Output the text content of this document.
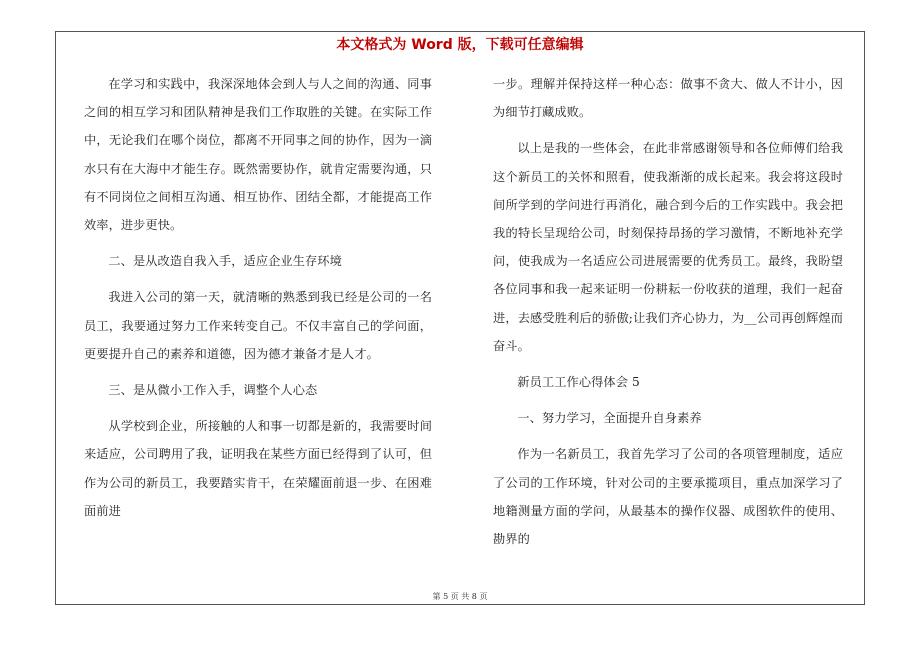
本文格式为 Word 版，下载可任意编辑

在学习和实践中，我深深地体会到人与人之间的沟通、同事之间的相互学习和团队精神是我们工作取胜的关键。在实际工作中，无论我们在哪个岗位，都离不开同事之间的协作，因为一滴水只有在大海中才能生存。既然需要协作，就肯定需要沟通，只有不同岗位之间相互沟通、相互协作、团结全都，才能提高工作效率，进步更快。

二、是从改造自我入手，适应企业生存环境

我进入公司的第一天，就清晰的熟悉到我已经是公司的一名员工，我要通过努力工作来转变自己。不仅丰富自己的学问面，更要提升自己的素养和道德，因为德才兼备才是人才。

三、是从微小工作入手，调整个人心态

从学校到企业，所接触的人和事一切都是新的，我需要时间来适应，公司聘用了我，证明我在某些方面已经得到了认可，但作为公司的新员工，我要踏实肯干，在荣耀面前退一步、在困难面前进

一步。理解并保持这样一种心态：做事不贪大、做人不计小，因为细节打藏成败。

以上是我的一些体会，在此非常感谢领导和各位师傅们给我这个新员工的关怀和照看，使我渐渐的成长起来。我会将这段时间所学到的学问进行再消化，融合到今后的工作实践中。我会把我的特长呈现给公司，时刻保持昂扬的学习激情，不断地补充学问，使我成为一名适应公司进展需要的优秀员工。最终，我盼望各位同事和我一起来证明一份耕耘一份收获的道理，我们一起奋进，去感受胜利后的骄傲;让我们齐心协力，为__公司再创辉煌而奋斗。

新员工工作心得体会 5

一、努力学习，全面提升自身素养

作为一名新员工，我首先学习了公司的各项管理制度，适应了公司的工作环境，针对公司的主要承揽项目，重点加深学习了地籍测量方面的学问，从最基本的操作仪器、成图软件的使用、勘界的

第 5 页 共 8 页
